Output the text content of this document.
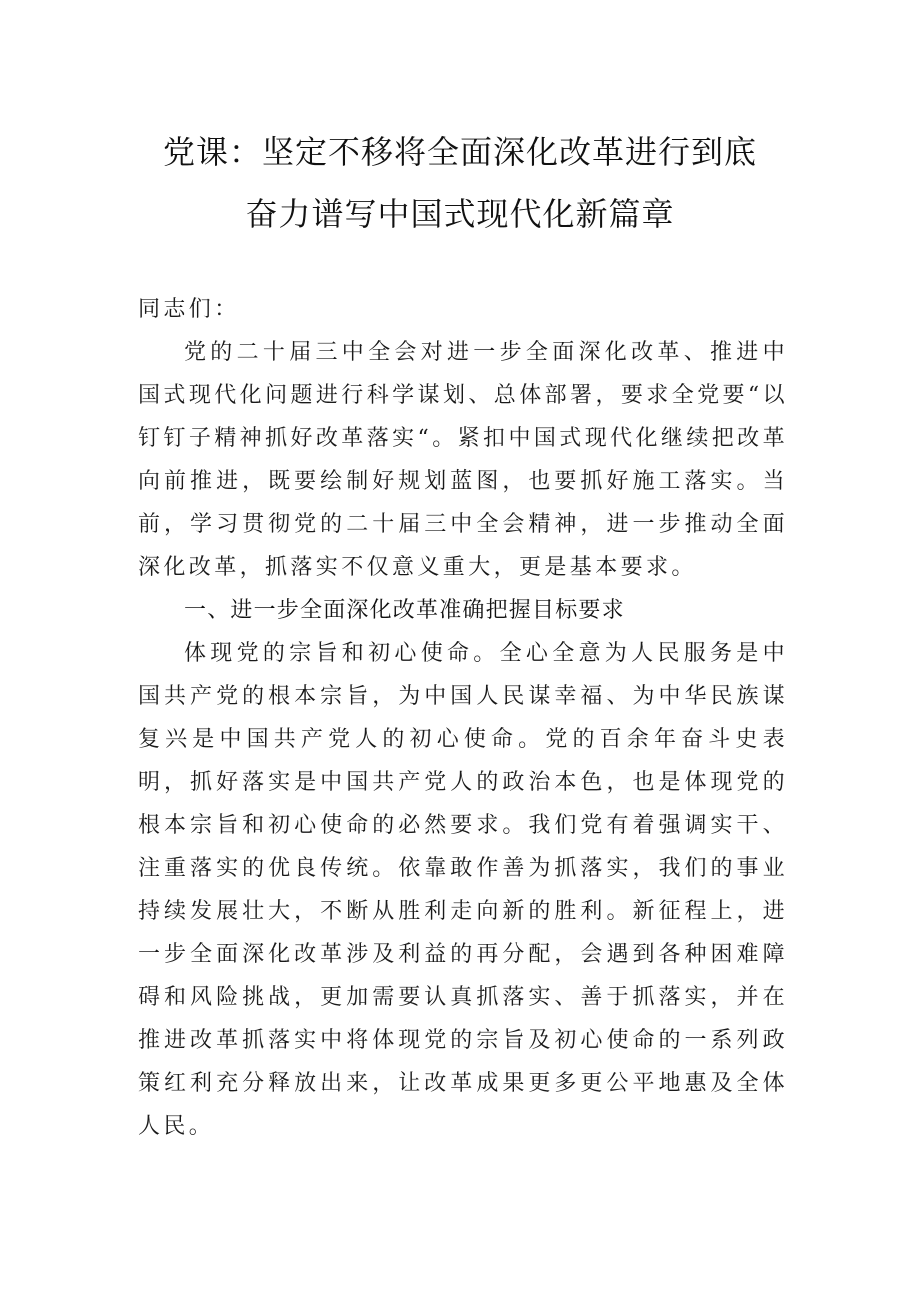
党课：坚定不移将全面深化改革进行到底
奋力谱写中国式现代化新篇章

同志们：

党的二十届三中全会对进一步全面深化改革、推进中国式现代化问题进行科学谋划、总体部署，要求全党要“以钉钉子精神抓好改革落实“。紧扣中国式现代化继续把改革向前推进，既要绘制好规划蓝图，也要抓好施工落实。当前，学习贯彻党的二十届三中全会精神，进一步推动全面深化改革，抓落实不仅意义重大，更是基本要求。

一、进一步全面深化改革准确把握目标要求

体现党的宗旨和初心使命。全心全意为人民服务是中国共产党的根本宗旨，为中国人民谋幸福、为中华民族谋复兴是中国共产党人的初心使命。党的百余年奋斗史表明，抓好落实是中国共产党人的政治本色，也是体现党的根本宗旨和初心使命的必然要求。我们党有着强调实干、注重落实的优良传统。依靠敢作善为抓落实，我们的事业持续发展壮大，不断从胜利走向新的胜利。新征程上，进一步全面深化改革涉及利益的再分配，会遇到各种困难障碍和风险挑战，更加需要认真抓落实、善于抓落实，并在推进改革抓落实中将体现党的宗旨及初心使命的一系列政策红利充分释放出来，让改革成果更多更公平地惠及全体人民。
